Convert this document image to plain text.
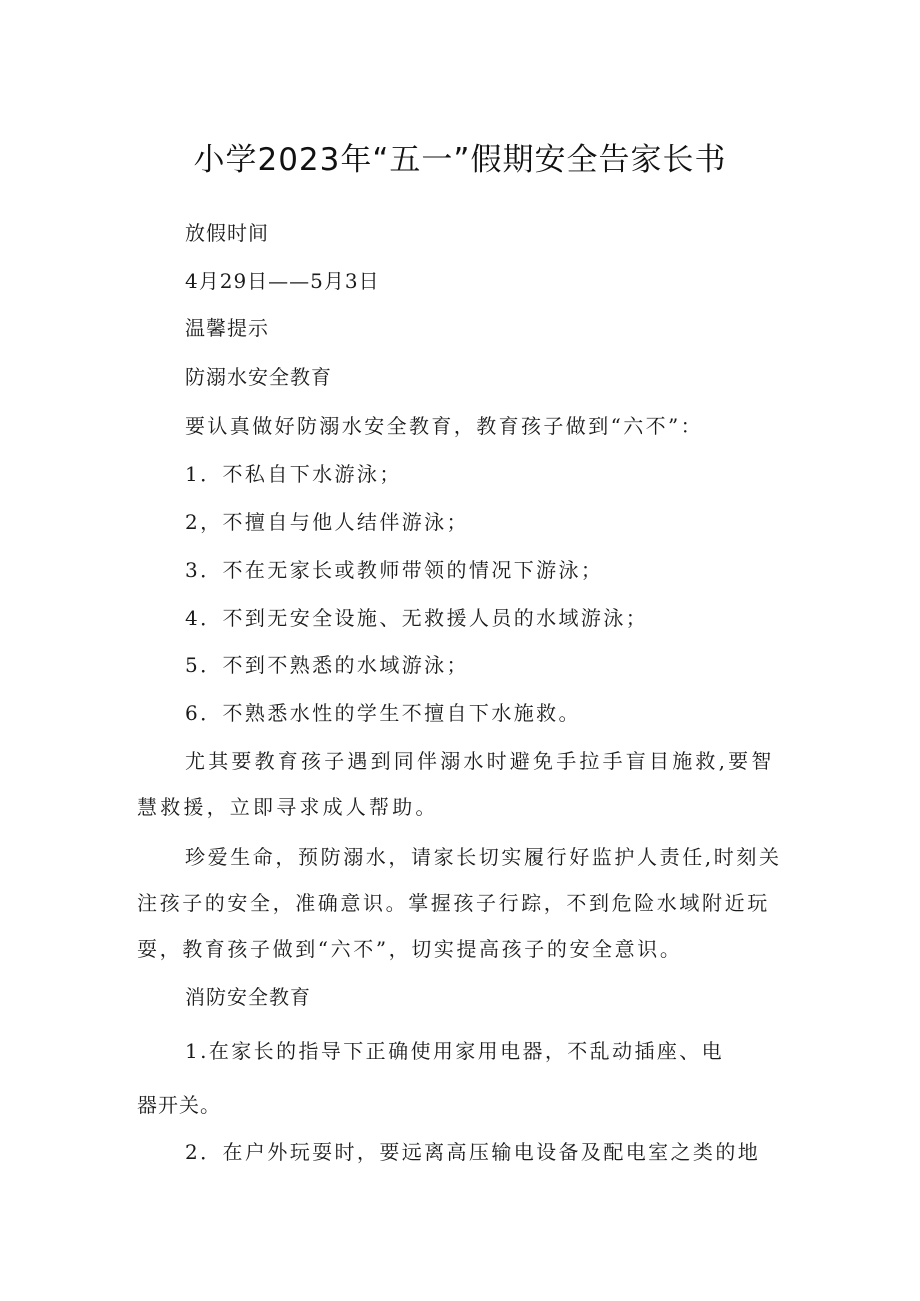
小学2023年“五一”假期安全告家长书
放假时间
4月29日——5月3日
温馨提示
防溺水安全教育
要认真做好防溺水安全教育，教育孩子做到“六不”：
1．不私自下水游泳；
2，不擅自与他人结伴游泳；
3．不在无家长或教师带领的情况下游泳；
4．不到无安全设施、无救援人员的水域游泳；
5．不到不熟悉的水域游泳；
6．不熟悉水性的学生不擅自下水施救。
尤其要教育孩子遇到同伴溺水时避免手拉手盲目施救,要智慧救援，立即寻求成人帮助。
珍爱生命，预防溺水，请家长切实履行好监护人责任,时刻关注孩子的安全，准确意识。掌握孩子行踪，不到危险水域附近玩耍，教育孩子做到“六不”，切实提高孩子的安全意识。
消防安全教育
1.在家长的指导下正确使用家用电器，不乱动插座、电
器开关。
2．在户外玩耍时，要远离高压输电设备及配电室之类的地
